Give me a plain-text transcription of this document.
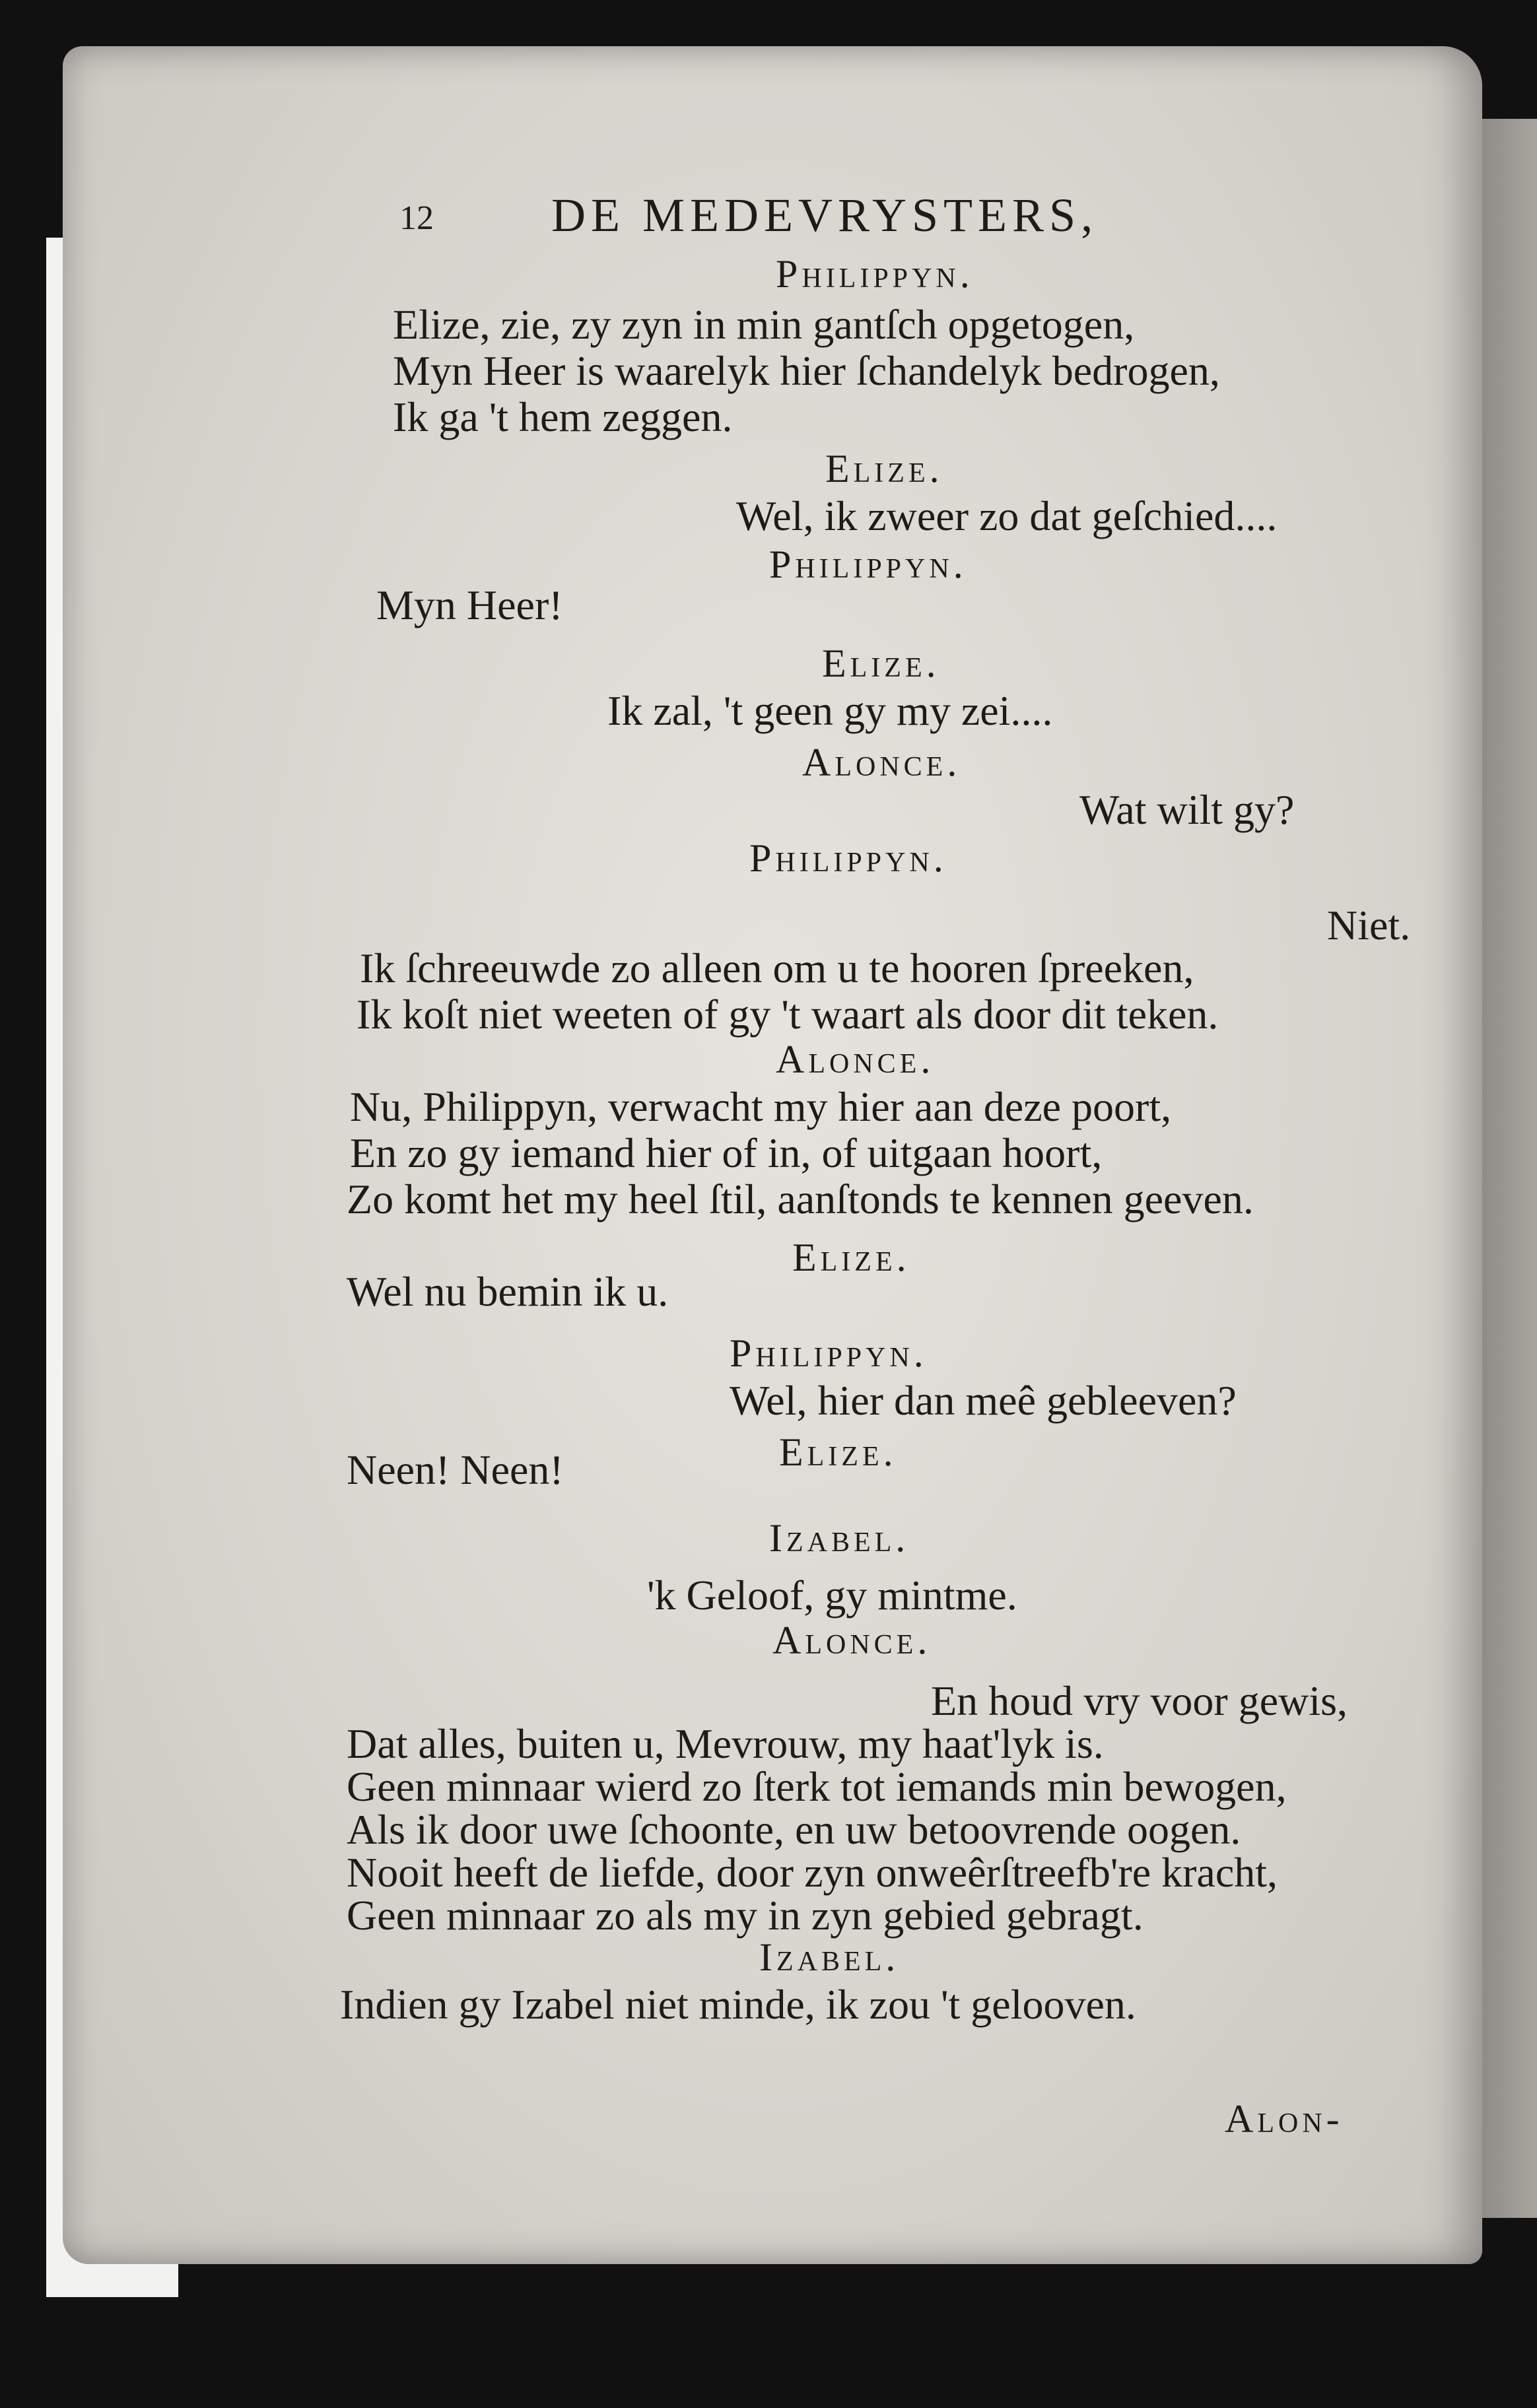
12 DE MEDEVRYSTERS,
Philippyn.
Elize, zie, zy zyn in min gantſch opgetogen,
Myn Heer is waarelyk hier ſchandelyk bedrogen,
Ik ga 't hem zeggen.
Elize.
Wel, ik zweer zo dat geſchied....
Philippyn.
Myn Heer!
Elize.
Ik zal, 't geen gy my zei....
Alonce.
Wat wilt gy?
Philippyn.
Niet.
Ik ſchreeuwde zo alleen om u te hooren ſpreeken,
Ik koſt niet weeten of gy 't waart als door dit teken.
Alonce.
Nu, Philippyn, verwacht my hier aan deze poort,
En zo gy iemand hier of in, of uitgaan hoort,
Zo komt het my heel ſtil, aanſtonds te kennen geeven.
Elize.
Wel nu bemin ik u.
Philippyn.
Wel, hier dan meê gebleeven?
Elize.
Neen! Neen!
Izabel.
'k Geloof, gy mintme.
Alonce.
En houd vry voor gewis,
Dat alles, buiten u, Mevrouw, my haat'lyk is.
Geen minnaar wierd zo ſterk tot iemands min bewogen,
Als ik door uwe ſchoonte, en uw betoovrende oogen.
Nooit heeft de liefde, door zyn onweêrſtreefb're kracht,
Geen minnaar zo als my in zyn gebied gebragt.
Izabel.
Indien gy Izabel niet minde, ik zou 't gelooven.
Alon-
